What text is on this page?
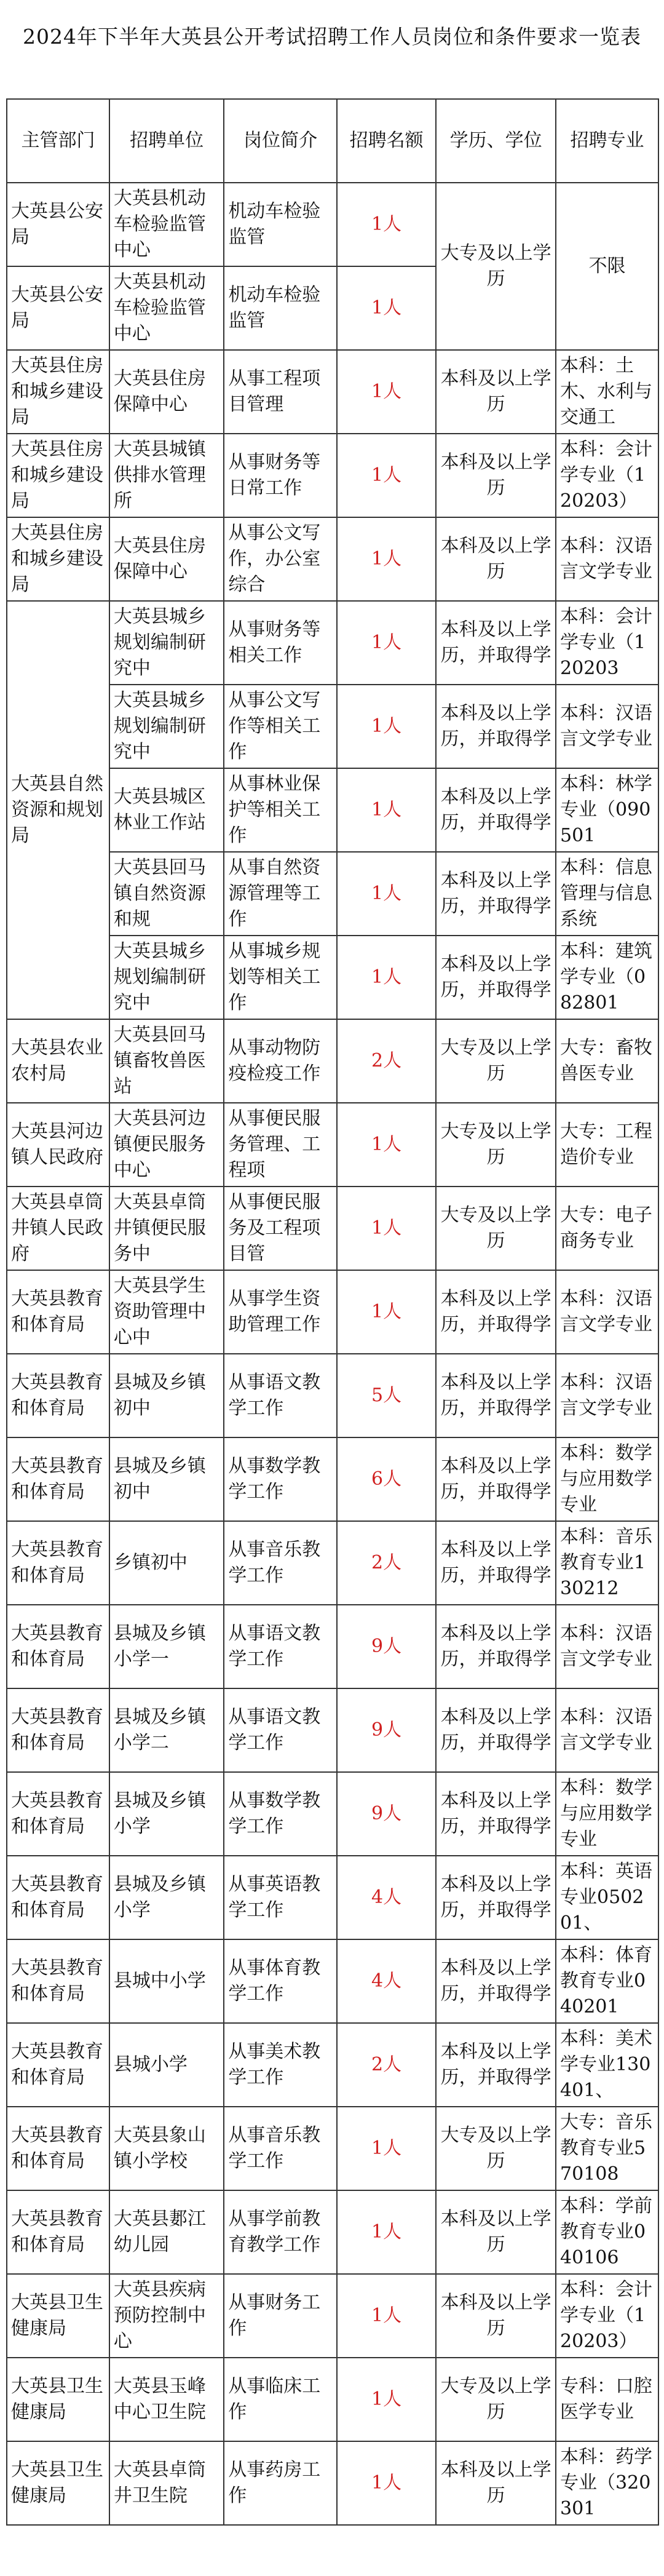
2024年下半年大英县公开考试招聘工作人员岗位和条件要求一览表
主管部门	招聘单位	岗位简介	招聘名额	学历、学位	招聘专业

大英县公安局	大英县机动车检验监管中心	机动车检验监管	1人	大专及以上学历	不限

大英县公安局	大英县机动车检验监管中心	机动车检验监管	1人		

大英县住房和城乡建设局	大英县住房保障中心	从事工程项目管理	1人	本科及以上学历	本科：土木、水利与交通工

大英县住房和城乡建设局	大英县城镇供排水管理所	从事财务等日常工作	1人	本科及以上学历	本科：会计学专业（120203）

大英县住房和城乡建设局	大英县住房保障中心	从事公文写作，办公室综合	1人	本科及以上学历	本科：汉语言文学专业

大英县自然资源和规划局	大英县城乡规划编制研究中	从事财务等相关工作	1人	本科及以上学历，并取得学	本科：会计学专业（120203

	大英县城乡规划编制研究中	从事公文写作等相关工作	1人	本科及以上学历，并取得学	本科：汉语言文学专业

	大英县城区林业工作站	从事林业保护等相关工作	1人	本科及以上学历，并取得学	本科：林学专业（090501

	大英县回马镇自然资源和规	从事自然资源管理等工作	1人	本科及以上学历，并取得学	本科：信息管理与信息系统

	大英县城乡规划编制研究中	从事城乡规划等相关工作	1人	本科及以上学历，并取得学	本科：建筑学专业（082801

大英县农业农村局	大英县回马镇畜牧兽医站	从事动物防疫检疫工作	2人	大专及以上学历	大专：畜牧兽医专业

大英县河边镇人民政府	大英县河边镇便民服务中心	从事便民服务管理、工程项	1人	大专及以上学历	大专：工程造价专业

大英县卓筒井镇人民政府	大英县卓筒井镇便民服务中	从事便民服务及工程项目管	1人	大专及以上学历	大专：电子商务专业

大英县教育和体育局	大英县学生资助管理中心中	从事学生资助管理工作	1人	本科及以上学历，并取得学	本科：汉语言文学专业

大英县教育和体育局	县城及乡镇初中	从事语文教学工作	5人	本科及以上学历，并取得学	本科：汉语言文学专业

大英县教育和体育局	县城及乡镇初中	从事数学教学工作	6人	本科及以上学历，并取得学	本科：数学与应用数学专业

大英县教育和体育局	乡镇初中	从事音乐教学工作	2人	本科及以上学历，并取得学	本科：音乐教育专业130212

大英县教育和体育局	县城及乡镇小学一	从事语文教学工作	9人	本科及以上学历，并取得学	本科：汉语言文学专业

大英县教育和体育局	县城及乡镇小学二	从事语文教学工作	9人	本科及以上学历，并取得学	本科：汉语言文学专业

大英县教育和体育局	县城及乡镇小学	从事数学教学工作	9人	本科及以上学历，并取得学	本科：数学与应用数学专业

大英县教育和体育局	县城及乡镇小学	从事英语教学工作	4人	本科及以上学历，并取得学	本科：英语专业050201、

大英县教育和体育局	县城中小学	从事体育教学工作	4人	本科及以上学历，并取得学	本科：体育教育专业040201

大英县教育和体育局	县城小学	从事美术教学工作	2人	本科及以上学历，并取得学	本科：美术学专业130401、

大英县教育和体育局	大英县象山镇小学校	从事音乐教学工作	1人	大专及以上学历	大专：音乐教育专业570108

大英县教育和体育局	大英县郪江幼儿园	从事学前教育教学工作	1人	本科及以上学历	本科：学前教育专业040106

大英县卫生健康局	大英县疾病预防控制中心	从事财务工作	1人	本科及以上学历	本科：会计学专业（120203）

大英县卫生健康局	大英县玉峰中心卫生院	从事临床工作	1人	大专及以上学历	专科：口腔医学专业

大英县卫生健康局	大英县卓筒井卫生院	从事药房工作	1人	本科及以上学历	本科：药学专业（320301
